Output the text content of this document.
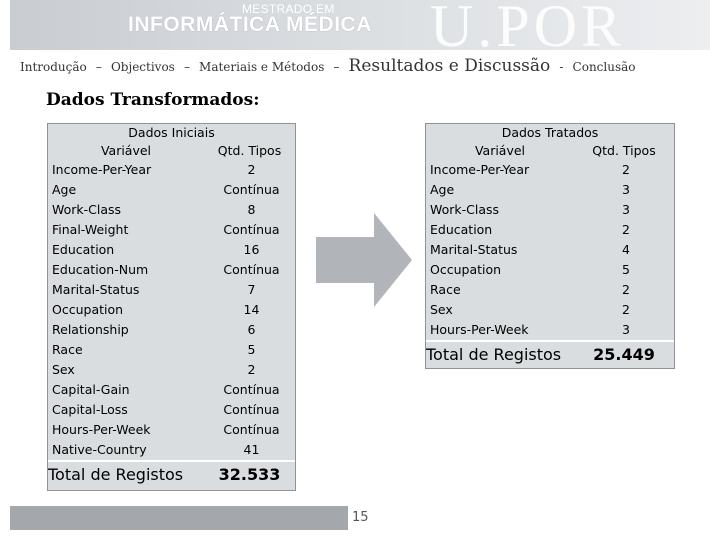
MESTRADO EM
INFORMÁTICA MÉDICA U.POR
Introdução – Objectivos – Materiais e Métodos – Resultados e Discussão - Conclusão
Dados Transformados:
Dados Iniciais
Variável	Qtd. Tipos
Income-Per-Year	2
Age	Contínua
Work-Class	8
Final-Weight	Contínua
Education	16
Education-Num	Contínua
Marital-Status	7
Occupation	14
Relationship	6
Race	5
Sex	2
Capital-Gain	Contínua
Capital-Loss	Contínua
Hours-Per-Week	Contínua
Native-Country	41
Total de Registos	32.533
Dados Tratados
Variável	Qtd. Tipos
Income-Per-Year	2
Age	3
Work-Class	3
Education	2
Marital-Status	4
Occupation	5
Race	2
Sex	2
Hours-Per-Week	3
Total de Registos	25.449
15
